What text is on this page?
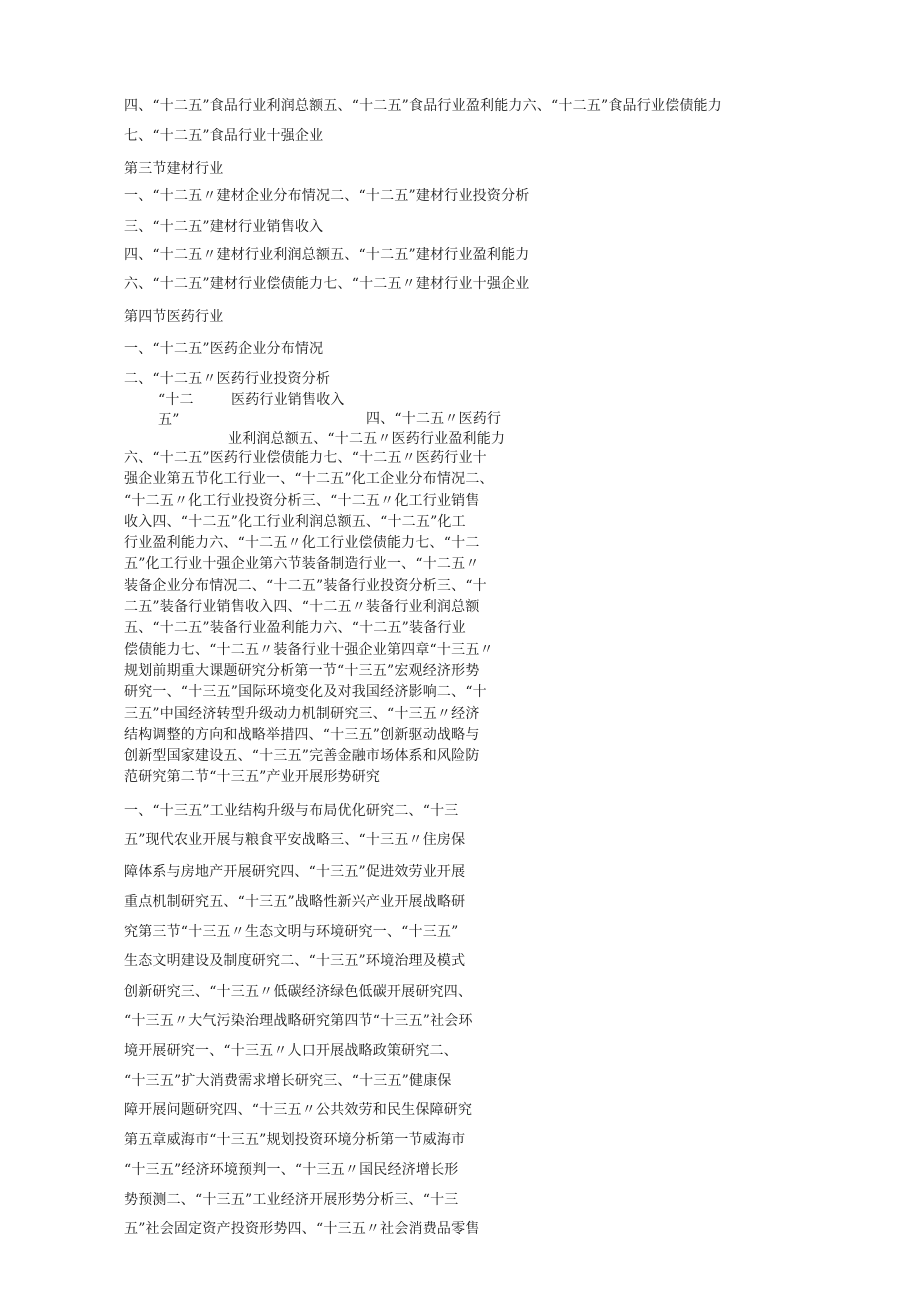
四、“十二五”食品行业利润总额五、“十二五”食品行业盈利能力六、“十二五”食品行业偿债能力
七、“十二五”食品行业十强企业
第三节建材行业
一、“十二五〃建材企业分布情况二、“十二五”建材行业投资分析
三、“十二五”建材行业销售收入
四、“十二五〃建材行业利润总额五、“十二五”建材行业盈利能力
六、“十二五”建材行业偿债能力七、“十二五〃建材行业十强企业
第四节医药行业
一、“十二五”医药企业分布情况
二、“十二五〃医药行业投资分析
“十二
五”
医药行业销售收入
四、“十二五〃医药行
业利润总额五、“十二五〃医药行业盈利能力
六、“十二五”医药行业偿债能力七、“十二五〃医药行业十
强企业第五节化工行业一、“十二五”化工企业分布情况二、
“十二五〃化工行业投资分析三、“十二五〃化工行业销售
收入四、“十二五”化工行业利润总额五、“十二五”化工
行业盈利能力六、“十二五〃化工行业偿债能力七、“十二
五”化工行业十强企业第六节装备制造行业一、“十二五〃
装备企业分布情况二、“十二五”装备行业投资分析三、“十
二五”装备行业销售收入四、“十二五〃装备行业利润总额
五、“十二五”装备行业盈利能力六、“十二五”装备行业
偿债能力七、“十二五〃装备行业十强企业第四章“十三五〃
规划前期重大课题研究分析第一节“十三五”宏观经济形势
研究一、“十三五”国际环境变化及对我国经济影响二、“十
三五”中国经济转型升级动力机制研究三、“十三五〃经济
结构调整的方向和战略举措四、“十三五”创新驱动战略与
创新型国家建设五、“十三五”完善金融市场体系和风险防
范研究第二节“十三五”产业开展形势研究
一、“十三五”工业结构升级与布局优化研究二、“十三
五”现代农业开展与粮食平安战略三、“十三五〃住房保
障体系与房地产开展研究四、“十三五”促进效劳业开展
重点机制研究五、“十三五”战略性新兴产业开展战略研
究第三节“十三五〃生态文明与环境研究一、“十三五”
生态文明建设及制度研究二、“十三五”环境治理及模式
创新研究三、“十三五〃低碳经济绿色低碳开展研究四、
“十三五〃大气污染治理战略研究第四节“十三五”社会环
境开展研究一、“十三五〃人口开展战略政策研究二、
“十三五”扩大消费需求增长研究三、“十三五”健康保
障开展问题研究四、“十三五〃公共效劳和民生保障研究
第五章威海市“十三五”规划投资环境分析第一节威海市
“十三五”经济环境预判一、“十三五〃国民经济增长形
势预测二、“十三五”工业经济开展形势分析三、“十三
五”社会固定资产投资形势四、“十三五〃社会消费品零售
